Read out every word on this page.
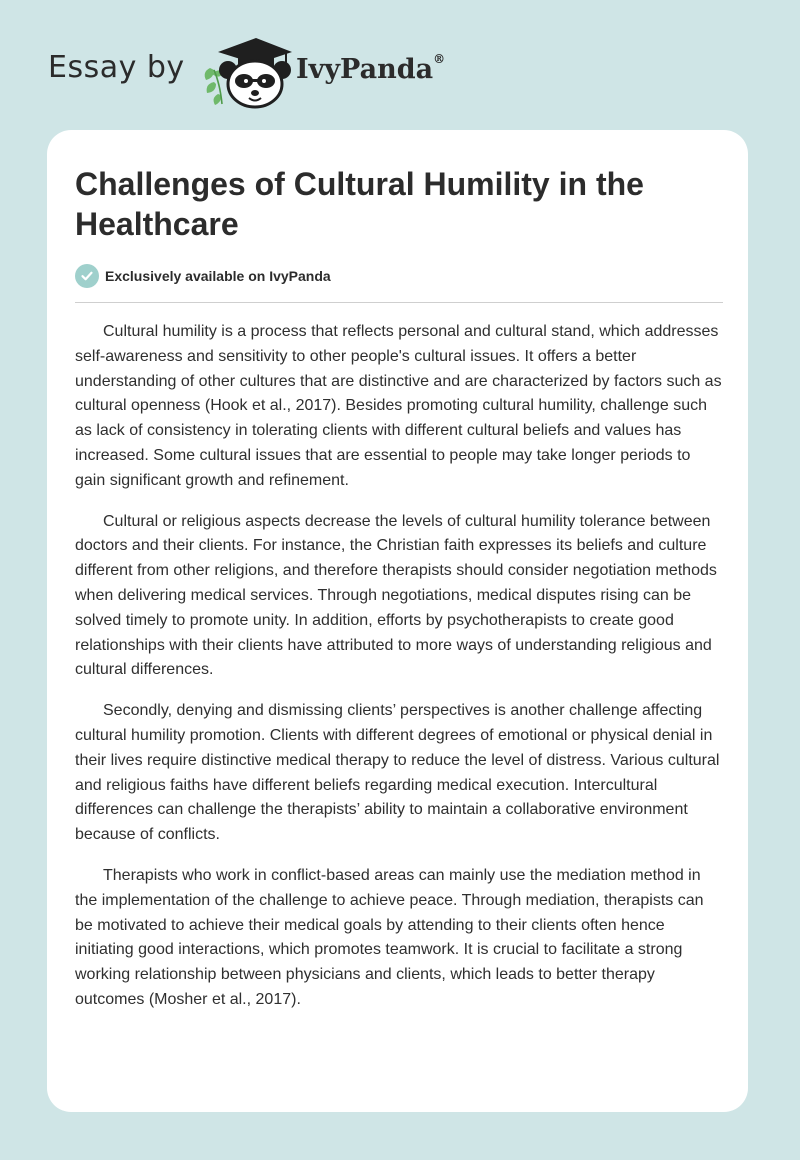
Essay by	IvyPanda®
Challenges of Cultural Humility in the Healthcare
Exclusively available on IvyPanda

Cultural humility is a process that reflects personal and cultural stand, which addresses self-awareness and sensitivity to other people's cultural issues. It offers a better understanding of other cultures that are distinctive and are characterized by factors such as cultural openness (Hook et al., 2017). Besides promoting cultural humility, challenge such as lack of consistency in tolerating clients with different cultural beliefs and values has increased. Some cultural issues that are essential to people may take longer periods to gain significant growth and refinement.

Cultural or religious aspects decrease the levels of cultural humility tolerance between doctors and their clients. For instance, the Christian faith expresses its beliefs and culture different from other religions, and therefore therapists should consider negotiation methods when delivering medical services. Through negotiations, medical disputes rising can be solved timely to promote unity. In addition, efforts by psychotherapists to create good relationships with their clients have attributed to more ways of understanding religious and cultural differences.

Secondly, denying and dismissing clients’ perspectives is another challenge affecting cultural humility promotion. Clients with different degrees of emotional or physical denial in their lives require distinctive medical therapy to reduce the level of distress. Various cultural and religious faiths have different beliefs regarding medical execution. Intercultural differences can challenge the therapists’ ability to maintain a collaborative environment because of conflicts.

Therapists who work in conflict-based areas can mainly use the mediation method in the implementation of the challenge to achieve peace. Through mediation, therapists can be motivated to achieve their medical goals by attending to their clients often hence initiating good interactions, which promotes teamwork. It is crucial to facilitate a strong working relationship between physicians and clients, which leads to better therapy outcomes (Mosher et al., 2017).
